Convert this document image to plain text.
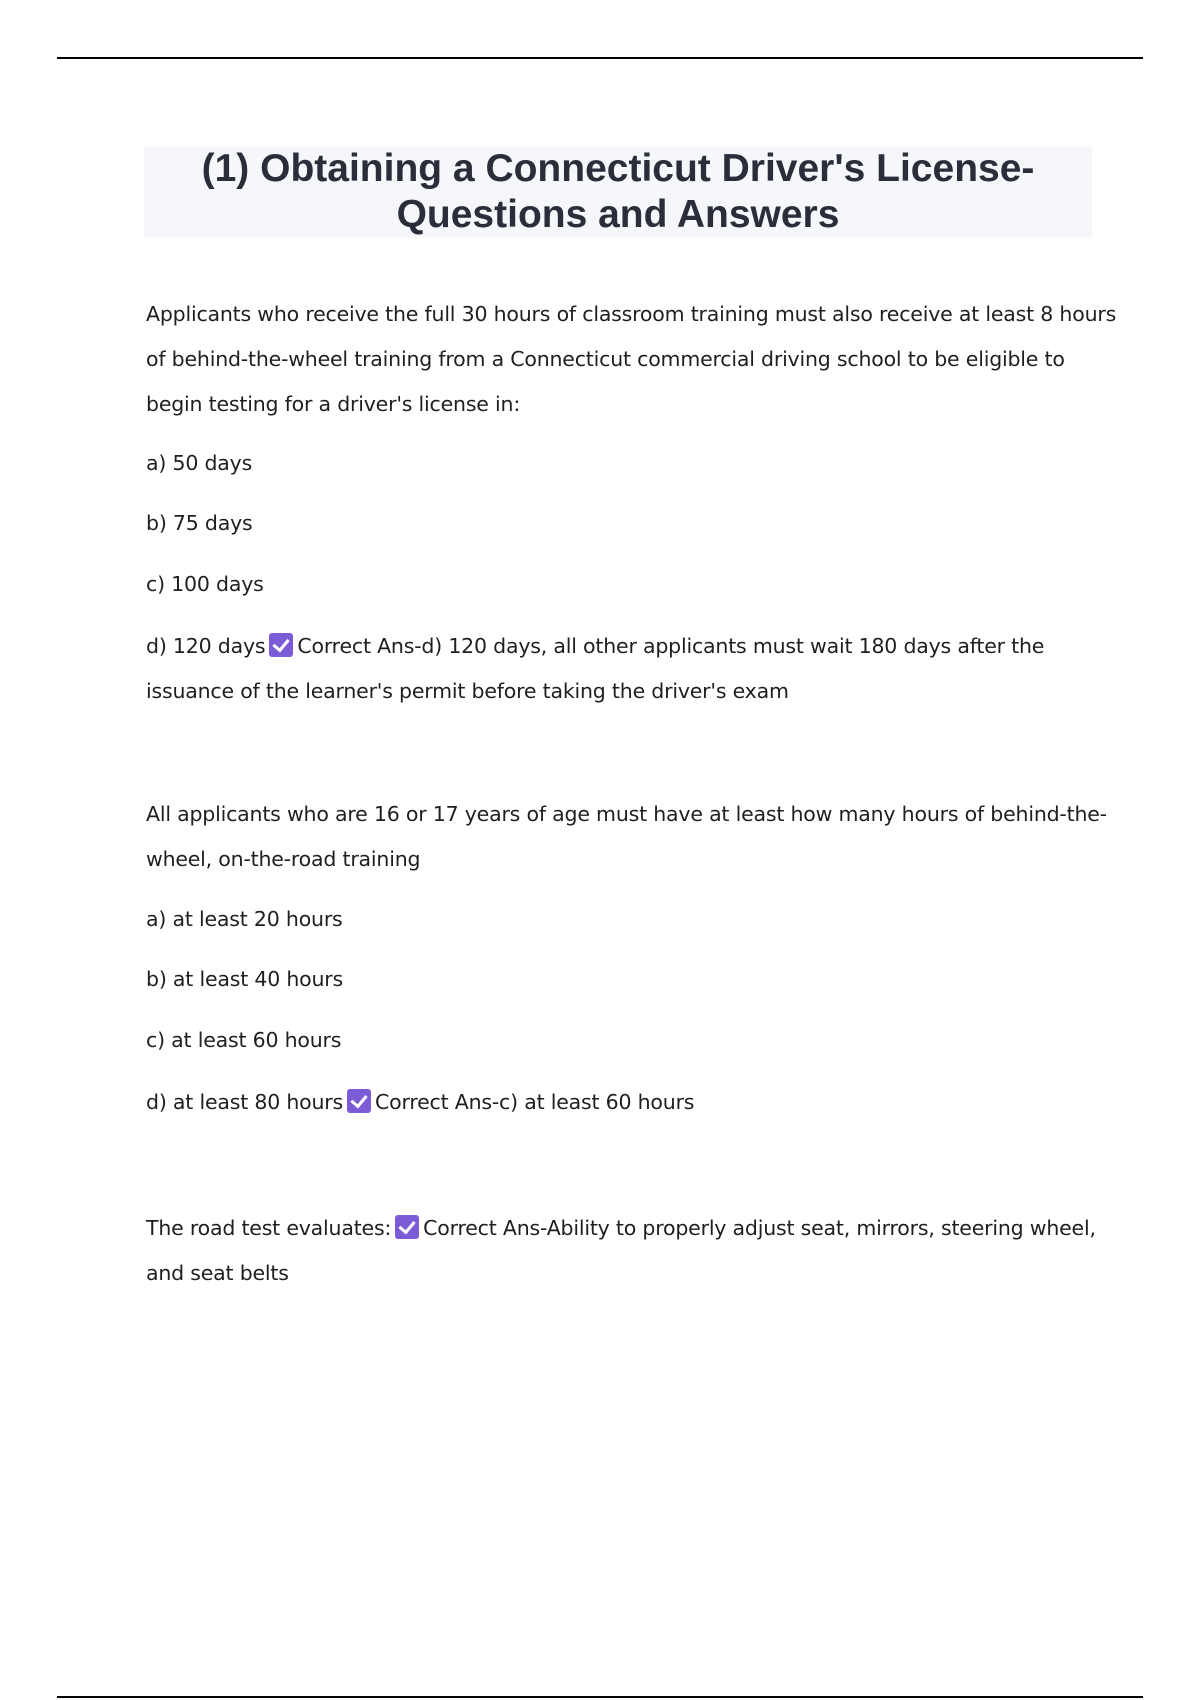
(1) Obtaining a Connecticut Driver's License-
Questions and Answers
Applicants who receive the full 30 hours of classroom training must also receive at least 8 hours
of behind-the-wheel training from a Connecticut commercial driving school to be eligible to
begin testing for a driver's license in:
a) 50 days
b) 75 days
c) 100 days
d) 120 days Correct Ans-d) 120 days, all other applicants must wait 180 days after the
issuance of the learner's permit before taking the driver's exam
All applicants who are 16 or 17 years of age must have at least how many hours of behind-the-
wheel, on-the-road training
a) at least 20 hours
b) at least 40 hours
c) at least 60 hours
d) at least 80 hours Correct Ans-c) at least 60 hours
The road test evaluates: Correct Ans-Ability to properly adjust seat, mirrors, steering wheel,
and seat belts
